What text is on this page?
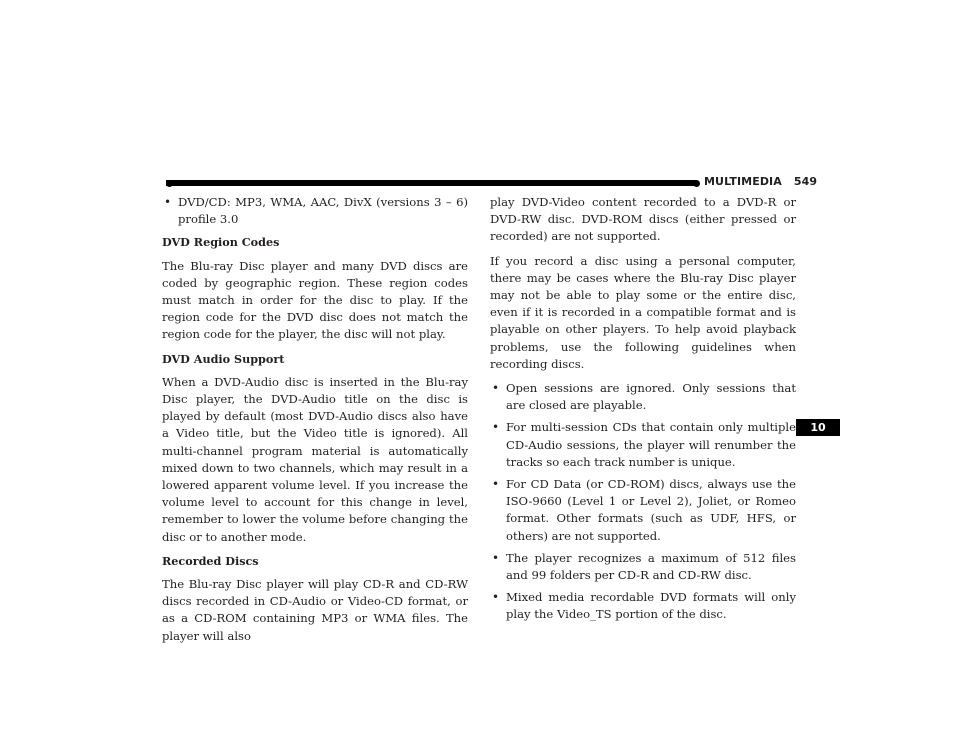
MULTIMEDIA 549
10
• DVD/CD: MP3, WMA, AAC, DivX (versions 3 – 6) profile 3.0

DVD Region Codes

The Blu-ray Disc player and many DVD discs are coded by geographic region. These region codes must match in order for the disc to play. If the region code for the DVD disc does not match the region code for the player, the disc will not play.

DVD Audio Support

When a DVD-Audio disc is inserted in the Blu-ray Disc player, the DVD-Audio title on the disc is played by default (most DVD-Audio discs also have a Video title, but the Video title is ignored). All multi-channel program material is automatically mixed down to two channels, which may result in a lowered apparent volume level. If you increase the volume level to account for this change in level, remember to lower the volume before changing the disc or to another mode.

Recorded Discs

The Blu-ray Disc player will play CD-R and CD-RW discs recorded in CD-Audio or Video-CD format, or as a CD-ROM containing MP3 or WMA files. The player will also

play DVD-Video content recorded to a DVD-R or DVD-RW disc. DVD-ROM discs (either pressed or recorded) are not supported.

If you record a disc using a personal computer, there may be cases where the Blu-ray Disc player may not be able to play some or the entire disc, even if it is recorded in a compatible format and is playable on other players. To help avoid playback problems, use the following guidelines when recording discs.

• Open sessions are ignored. Only sessions that are closed are playable.
• For multi-session CDs that contain only multiple CD-Audio sessions, the player will renumber the tracks so each track number is unique.
• For CD Data (or CD-ROM) discs, always use the ISO-9660 (Level 1 or Level 2), Joliet, or Romeo format. Other formats (such as UDF, HFS, or others) are not supported.
• The player recognizes a maximum of 512 files and 99 folders per CD-R and CD-RW disc.
• Mixed media recordable DVD formats will only play the Video_TS portion of the disc.
